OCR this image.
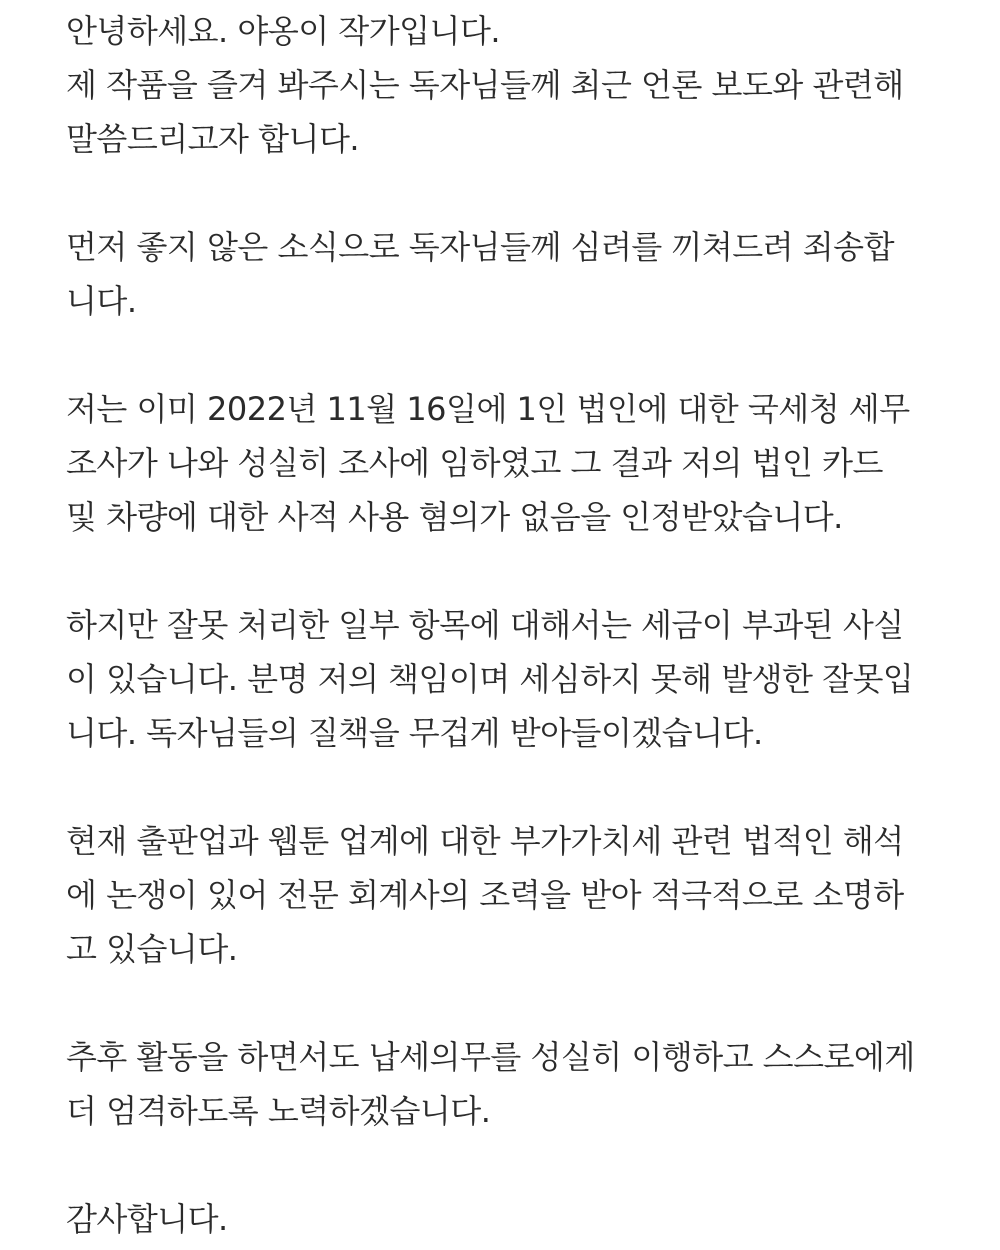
안녕하세요. 야옹이 작가입니다.
제 작품을 즐겨 봐주시는 독자님들께 최근 언론 보도와 관련해
말씀드리고자 합니다.
먼저 좋지 않은 소식으로 독자님들께 심려를 끼쳐드려 죄송합
니다.
저는 이미 2022년 11월 16일에 1인 법인에 대한 국세청 세무
조사가 나와 성실히 조사에 임하였고 그 결과 저의 법인 카드
및 차량에 대한 사적 사용 혐의가 없음을 인정받았습니다.
하지만 잘못 처리한 일부 항목에 대해서는 세금이 부과된 사실
이 있습니다. 분명 저의 책임이며 세심하지 못해 발생한 잘못입
니다. 독자님들의 질책을 무겁게 받아들이겠습니다.
현재 출판업과 웹툰 업계에 대한 부가가치세 관련 법적인 해석
에 논쟁이 있어 전문 회계사의 조력을 받아 적극적으로 소명하
고 있습니다.
추후 활동을 하면서도 납세의무를 성실히 이행하고 스스로에게
더 엄격하도록 노력하겠습니다.
감사합니다.
